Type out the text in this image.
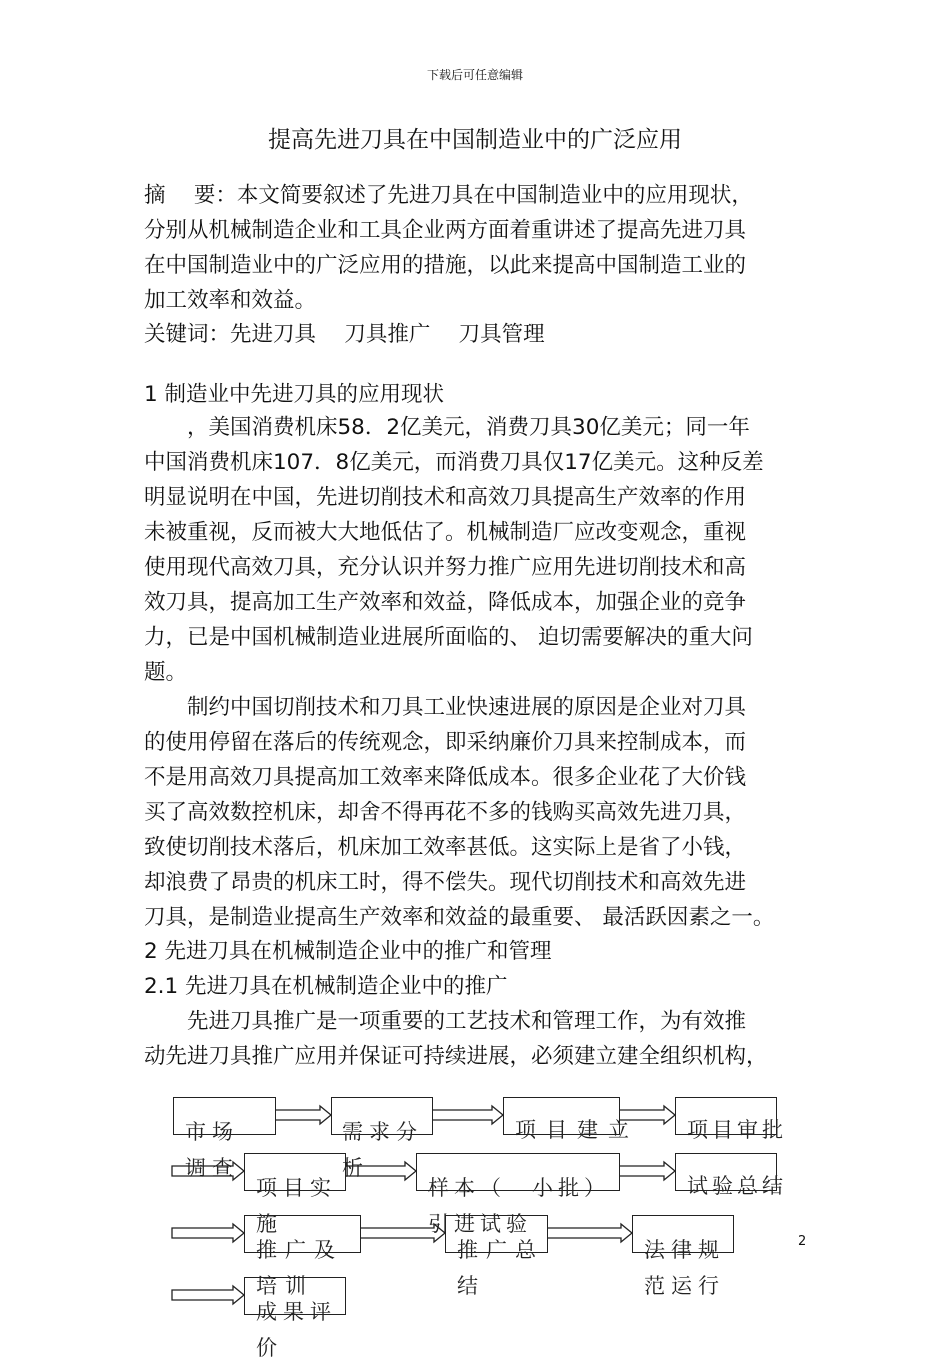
下载后可任意编辑
提高先进刀具在中国制造业中的广泛应用
摘　 要：本文简要叙述了先进刀具在中国制造业中的应用现状，
分别从机械制造企业和工具企业两方面着重讲述了提高先进刀具
在中国制造业中的广泛应用的措施，以此来提高中国制造工业的
加工效率和效益。
关键词：先进刀具　 刀具推广　 刀具管理
1 制造业中先进刀具的应用现状
　　，美国消费机床58．2亿美元，消费刀具30亿美元；同一年
中国消费机床107．8亿美元，而消费刀具仅17亿美元。这种反差
明显说明在中国，先进切削技术和高效刀具提高生产效率的作用
未被重视，反而被大大地低估了。机械制造厂应改变观念，重视
使用现代高效刀具，充分认识并努力推广应用先进切削技术和高
效刀具，提高加工生产效率和效益，降低成本，加强企业的竞争
力，已是中国机械制造业进展所面临的、 迫切需要解决的重大问
题。
　　制约中国切削技术和刀具工业快速进展的原因是企业对刀具
的使用停留在落后的传统观念，即采纳廉价刀具来控制成本，而
不是用高效刀具提高加工效率来降低成本。很多企业花了大价钱
买了高效数控机床，却舍不得再花不多的钱购买高效先进刀具，
致使切削技术落后，机床加工效率甚低。这实际上是省了小钱，
却浪费了昂贵的机床工时，得不偿失。现代切削技术和高效先进
刀具，是制造业提高生产效率和效益的最重要、 最活跃因素之一。
2 先进刀具在机械制造企业中的推广和管理
2.1 先进刀具在机械制造企业中的推广
　　先进刀具推广是一项重要的工艺技术和管理工作，为有效推
动先进刀具推广应用并保证可持续进展，必须建立建全组织机构，
市场调查
需求分析
项目建立 项目审批
项目实施
样本（　小批）引进试验
试验总结
推广及培训
推广总结
法律规范运行
成果评价
2
